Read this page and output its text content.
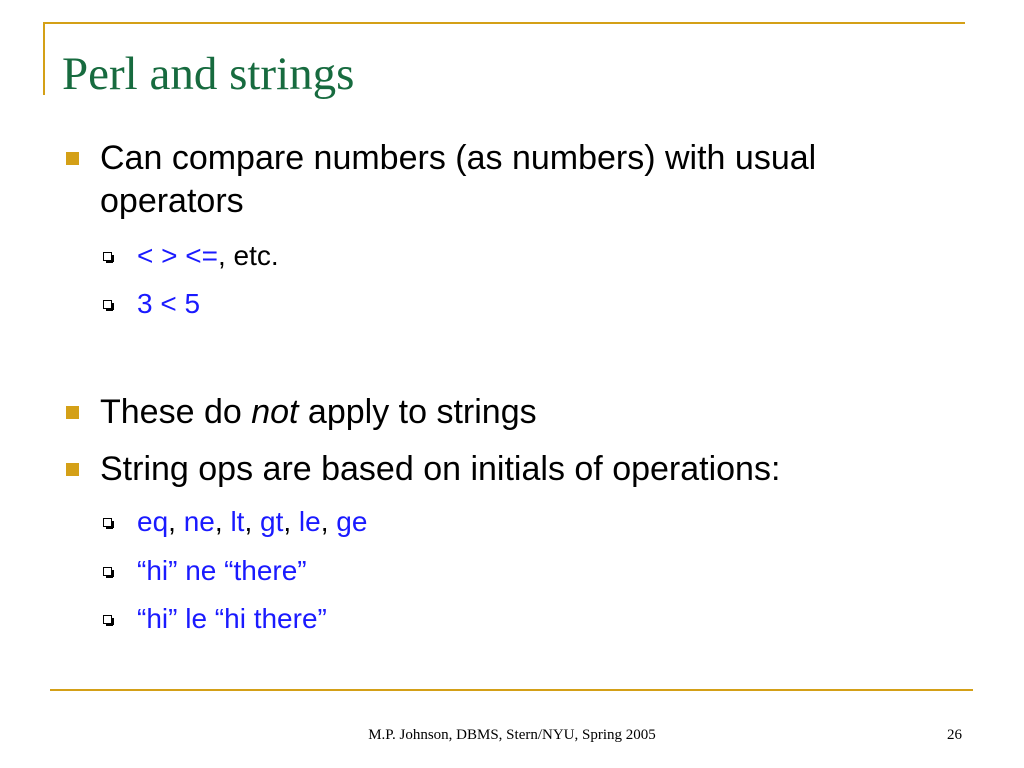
Perl and strings
Can compare numbers (as numbers) with usual operators
< > <=, etc.
3 < 5
These do not apply to strings
String ops are based on initials of operations:
eq, ne, lt, gt, le, ge
“hi” ne “there”
“hi” le “hi there”
M.P. Johnson, DBMS, Stern/NYU, Spring 2005	26
